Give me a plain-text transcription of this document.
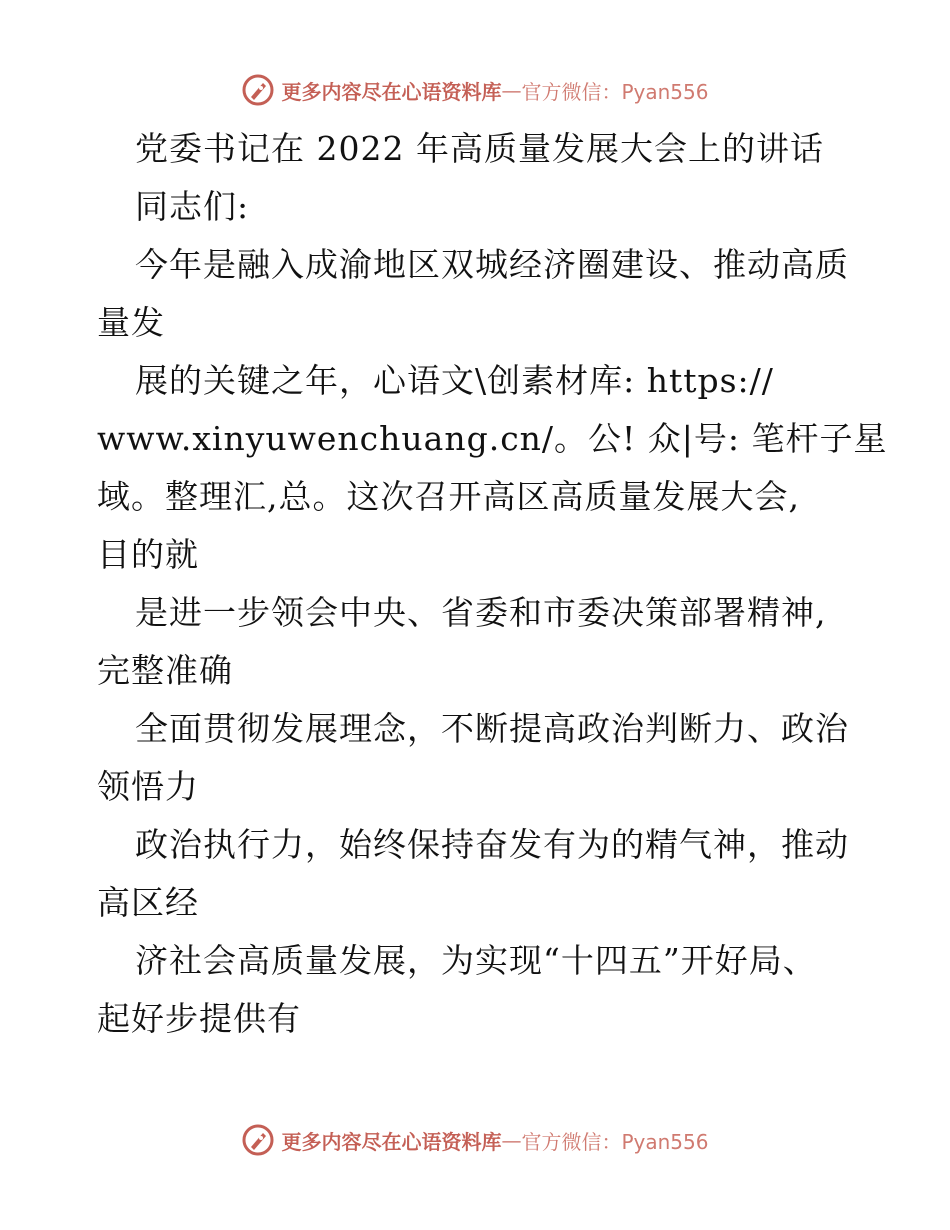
更多内容尽在心语资料库 — 官方微信：Pyan556
党委书记在 2022 年高质量发展大会上的讲话
同志们:
今年是融入成渝地区双城经济圈建设、推动高质
量发
展的关键之年，心语文\创素材库: https://
www.xinyuwenchuang.cn/。公! 众|号: 笔杆子星
域。整理汇,总。这次召开高区高质量发展大会,
目的就
是进一步领会中央、省委和市委决策部署精神,
完整准确
全面贯彻发展理念，不断提高政治判断力、政治
领悟力
政治执行力，始终保持奋发有为的精气神，推动
高区经
济社会高质量发展，为实现“十四五”开好局、
起好步提供有
更多内容尽在心语资料库 — 官方微信：Pyan556
